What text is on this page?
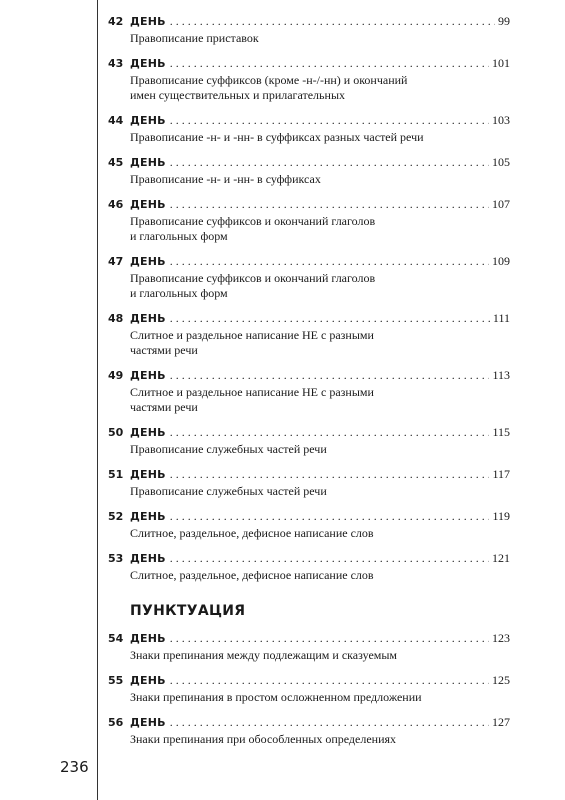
42 ДЕНЬ . . .	99
Правописание приставок
43 ДЕНЬ . . .	101
Правописание суффиксов (кроме -н-/-нн) и окончаний
имен существительных и прилагательных
44 ДЕНЬ . . .	103
Правописание -н- и -нн- в суффиксах разных частей речи
45 ДЕНЬ . . .	105
Правописание -н- и -нн- в суффиксах
46 ДЕНЬ . . .	107
Правописание суффиксов и окончаний глаголов
и глагольных форм
47 ДЕНЬ . . .	109
Правописание суффиксов и окончаний глаголов
и глагольных форм
48 ДЕНЬ . . .	111
Слитное и раздельное написание НЕ с разными
частями речи
49 ДЕНЬ . . .	113
Слитное и раздельное написание НЕ с разными
частями речи
50 ДЕНЬ . . .	115
Правописание служебных частей речи
51 ДЕНЬ . . .	117
Правописание служебных частей речи
52 ДЕНЬ . . .	119
Слитное, раздельное, дефисное написание слов
53 ДЕНЬ . . .	121
Слитное, раздельное, дефисное написание слов
ПУНКТУАЦИЯ
54 ДЕНЬ . . .	123
Знаки препинания между подлежащим и сказуемым
55 ДЕНЬ . . .	125
Знаки препинания в простом осложненном предложении
56 ДЕНЬ . . .	127
Знаки препинания при обособленных определениях
236
